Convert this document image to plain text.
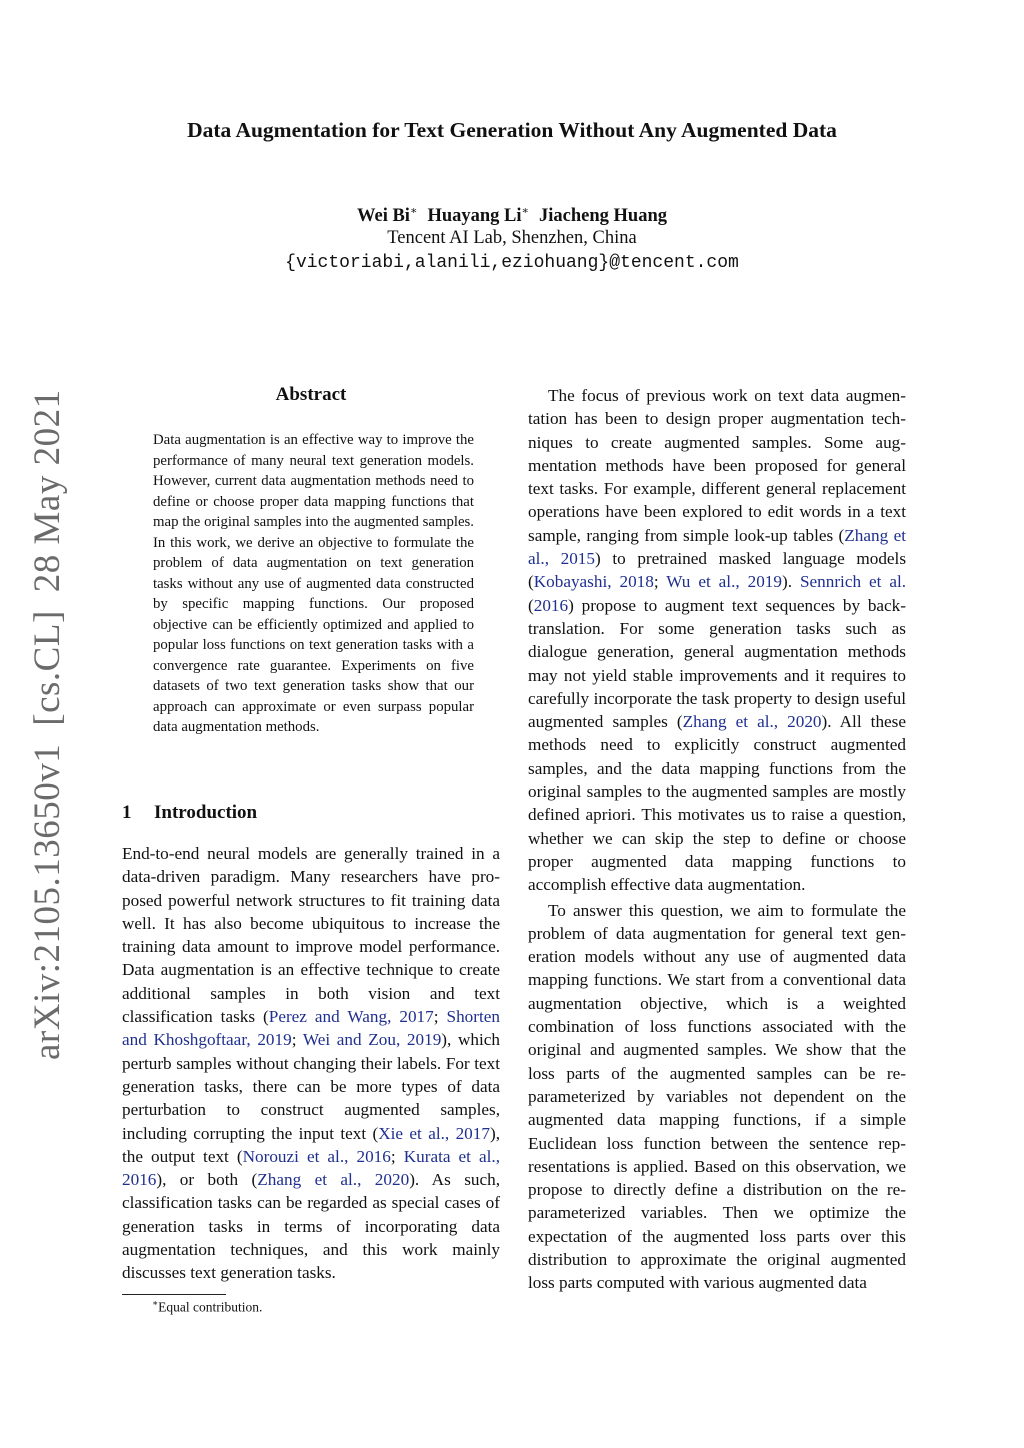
arXiv:2105.13650v1[cs.CL]28 May 2021
Data Augmentation for Text Generation Without Any Augmented Data
Wei Bi∗ Huayang Li∗ Jiacheng Huang
Tencent AI Lab, Shenzhen, China
{victoriabi,alanili,eziohuang}@tencent.com
Abstract
Data augmentation is an effective way to improve the performance of many neural text generation models. However, current data augmentation methods need to define or choose proper data mapping functions that map the original samples into the augmented samples. In this work, we derive an objective to formulate the problem of data augmentation on text generation tasks without any use of augmented data constructed by specific mapping functions. Our proposed objective can be efficiently optimized and applied to popular loss functions on text generation tasks with a convergence rate guarantee. Experiments on five datasets of two text generation tasks show that our approach can approximate or even surpass popular data augmentation methods.
1 Introduction

End-to-end neural models are generally trained in a data-driven paradigm. Many researchers have proposed powerful network structures to fit training data well. It has also become ubiquitous to increase the training data amount to improve model performance. Data augmentation is an effective technique to create additional samples in both vision and text classification tasks (Perez and Wang, 2017; Shorten and Khoshgoftaar, 2019; Wei and Zou, 2019), which perturb samples without changing their labels. For text generation tasks, there can be more types of data perturbation to construct augmented samples, including corrupting the input text (Xie et al., 2017), the output text (Norouzi et al., 2016; Kurata et al., 2016), or both (Zhang et al., 2020). As such, classification tasks can be regarded as special cases of generation tasks in terms of incorporating data augmentation techniques, and this work mainly discusses text generation tasks.

The focus of previous work on text data augmentation has been to design proper augmentation techniques to create augmented samples. Some augmentation methods have been proposed for general text tasks. For example, different general replacement operations have been explored to edit words in a text sample, ranging from simple look-up tables (Zhang et al., 2015) to pretrained masked language models (Kobayashi, 2018; Wu et al., 2019). Sennrich et al. (2016) propose to augment text sequences by back-translation. For some generation tasks such as dialogue generation, general augmentation methods may not yield stable improvements and it requires to carefully incorporate the task property to design useful augmented samples (Zhang et al., 2020). All these methods need to explicitly construct augmented samples, and the data mapping functions from the original samples to the augmented samples are mostly defined apriori. This motivates us to raise a question, whether we can skip the step to define or choose proper augmented data mapping functions to accomplish effective data augmentation.

To answer this question, we aim to formulate the problem of data augmentation for general text generation models without any use of augmented data mapping functions. We start from a conventional data augmentation objective, which is a weighted combination of loss functions associated with the original and augmented samples. We show that the loss parts of the augmented samples can be re-parameterized by variables not dependent on the augmented data mapping functions, if a simple Euclidean loss function between the sentence representations is applied. Based on this observation, we propose to directly define a distribution on the re-parameterized variables. Then we optimize the expectation of the augmented loss parts over this distribution to approximate the original augmented loss parts computed with various augmented data

∗Equal contribution.
